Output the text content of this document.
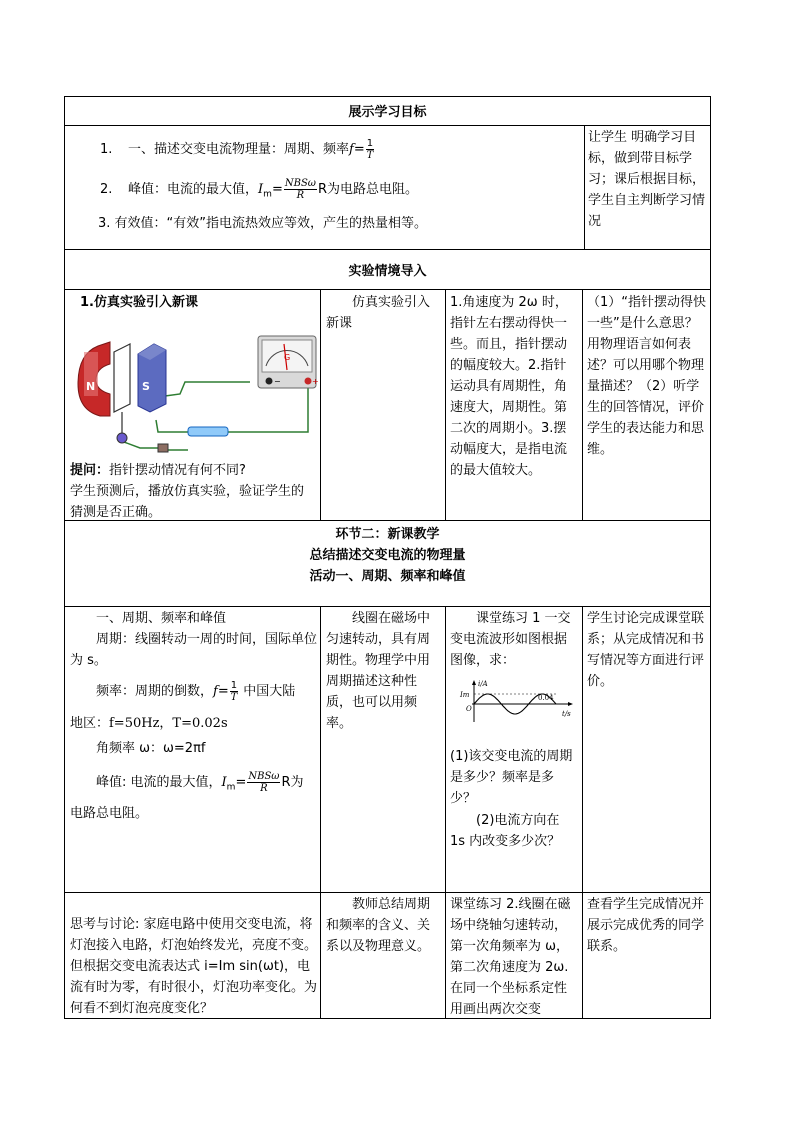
展示学习目标
1. 一、描述交变电流物理量：周期、频率$f= \frac{1}{T}$
2. 峰值：电流的最大值，$I_m= \frac{\text{NBSω}}{R}$ R为电路总电阻。
3. 有效值：“有效”指电流热效应等效，产生的热量相等。
让学生 明确学习目标，做到带目标学习；课后根据目标，学生自主判断学习情况
实验情境导入
1.仿真实验引入新课
G
−	+
N	S
提问：指针摆动情况有何不同?
学生预测后，播放仿真实验，验证学生的猜测是否正确。
仿真实验引入新课
1.角速度为 2ω 时，指针左右摆动得快一些。而且，指针摆动的幅度较大。2.指针运动具有周期性，角速度大，周期性。第二次的周期小。3.摆动幅度大，是指电流的最大值较大。
（1）“指针摆动得快一些”是什么意思？用物理语言如何表述？可以用哪个物理量描述？（2）听学生的回答情况，评价学生的表达能力和思维。
环节二：新课教学
总结描述交变电流的物理量
活动一、周期、频率和峰值
一、周期、频率和峰值
周期：线圈转动一周的时间，国际单位为 s。
频率：周期的倒数，$f= \frac{1}{T}$ 中国大陆
地区：f=50Hz，T=0.02s
角频率 ω：ω=2πf
峰值: 电流的最大值，$I_m= \frac{\text{NBSω}}{R}$ R为
电路总电阻。
线圈在磁场中匀速转动，具有周期性。物理学中用周期描述这种性质，也可以用频率。
课堂练习 1 一交变电流波形如图根据图像，求：
i/A
Im
O
0.04
t/s
(1)该交变电流的周期是多少？频率是多少？
(2)电流方向在 1s 内改变多少次？
学生讨论完成课堂联系；从完成情况和书写情况等方面进行评价。
思考与讨论: 家庭电路中使用交变电流，将灯泡接入电路，灯泡始终发光，亮度不变。但根据交变电流表达式 i=Im sin(ωt)，电流有时为零，有时很小，灯泡功率变化。为何看不到灯泡亮度变化？
教师总结周期和频率的含义、关系以及物理意义。
课堂练习 2.线圈在磁场中绕轴匀速转动，第一次角频率为 ω，第二次角速度为 2ω.在同一个坐标系定性用画出两次交变
查看学生完成情况并展示完成优秀的同学联系。
